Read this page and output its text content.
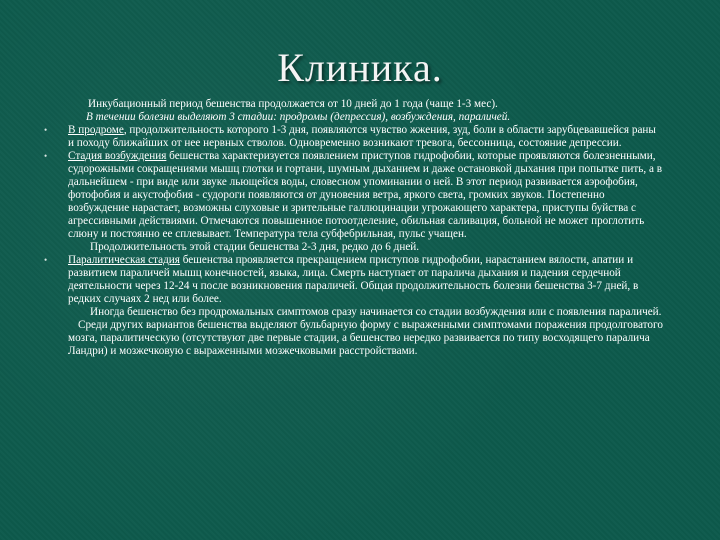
Клиника.

Инкубационный период бешенства продолжается от 10 дней до 1 года (чаще 1-3 мес).

В течении болезни выделяют 3 стадии: продромы (депрессия), возбуждения, параличей.

• В продроме, продолжительность которого 1-3 дня, появляются чувство жжения, зуд, боли в области зарубцевавшейся раны и походу ближайших от нее нервных стволов. Одновременно возникают тревога, бессонница, состояние депрессии.

• Стадия возбуждения бешенства характеризуется появлением приступов гидрофобии, которые проявляются болезненными, судорожными сокращениями мышц глотки и гортани, шумным дыханием и даже остановкой дыхания при попытке пить, а в дальнейшем - при виде или звуке льющейся воды, словесном упоминании о ней. В этот период развивается аэрофобия, фотофобия и акустофобия - судороги появляются от дуновения ветра, яркого света, громких звуков. Постепенно возбуждение нарастает, возможны слуховые и зрительные галлюцинации угрожающего характера, приступы буйства с агрессивными действиями. Отмечаются повышенное потоотделение, обильная саливация, больной не может проглотить слюну и постоянно ее сплевывает. Температура тела субфебрильная, пульс учащен.

Продолжительность этой стадии бешенства 2-3 дня, редко до 6 дней.

• Паралитическая стадия бешенства проявляется прекращением приступов гидрофобии, нарастанием вялости, апатии и развитием параличей мышц конечностей, языка, лица. Смерть наступает от паралича дыхания и падения сердечной деятельности через 12-24 ч после возникновения параличей. Общая продолжительность болезни бешенства 3-7 дней, в редких случаях 2 нед или более.

Иногда бешенство без продромальных симптомов сразу начинается со стадии возбуждения или с появления параличей.

Среди других вариантов бешенства выделяют бульбарную форму с выраженными симптомами поражения продолговатого мозга, паралитическую (отсутствуют две первые стадии, а бешенство нередко развивается по типу восходящего паралича Ландри) и мозжечковую с выраженными мозжечковыми расстройствами.
